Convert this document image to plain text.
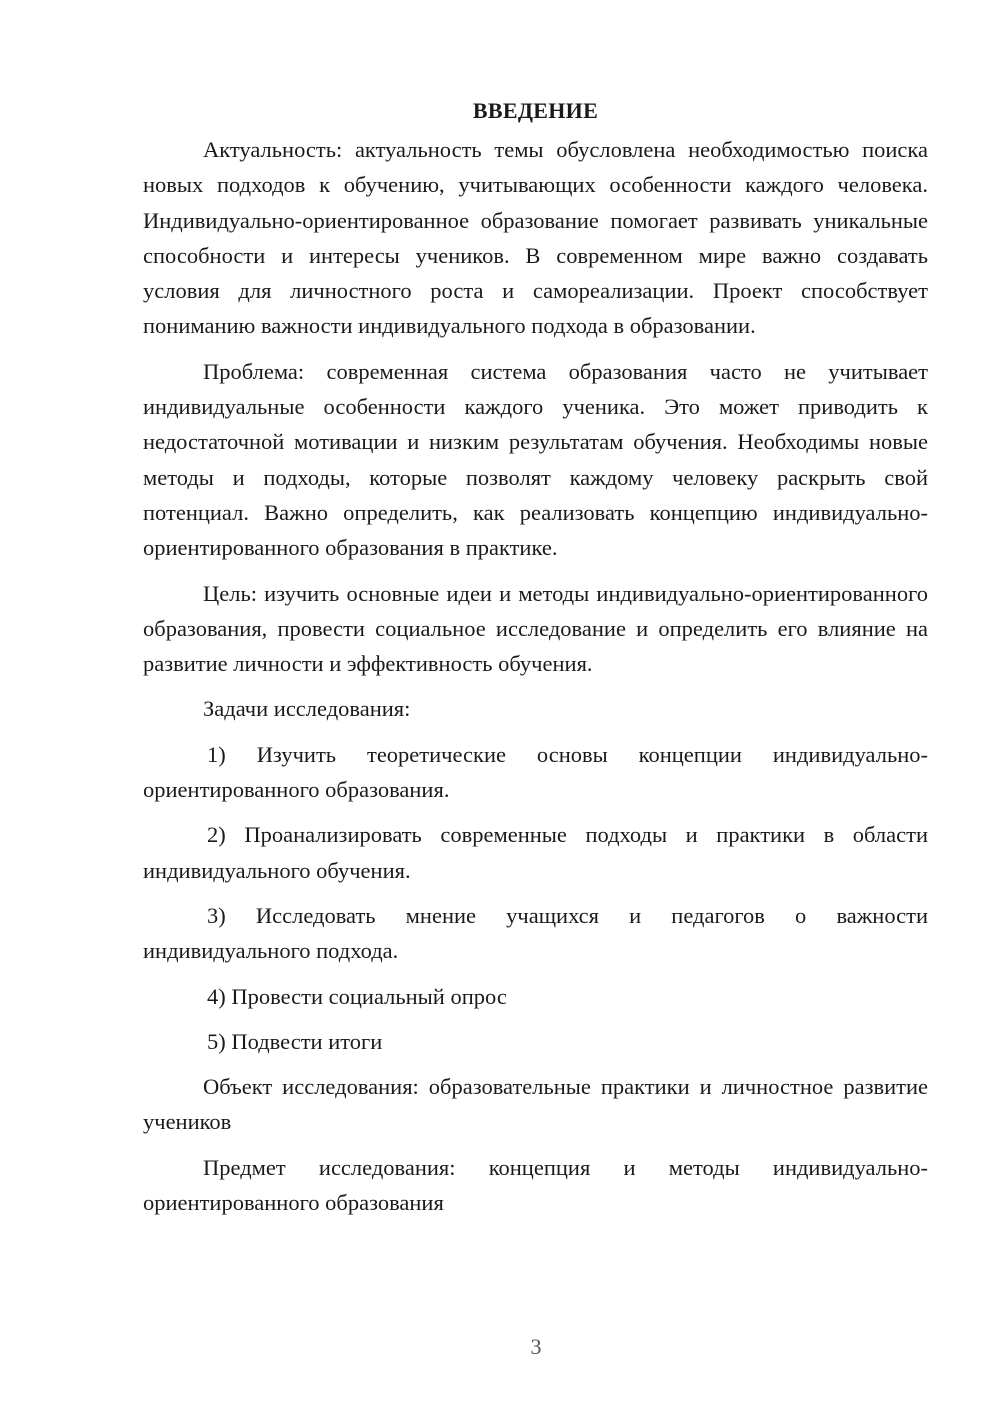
ВВЕДЕНИЕ

Актуальность: актуальность темы обусловлена необходимостью поиска новых подходов к обучению, учитывающих особенности каждого человека. Индивидуально-ориентированное образование помогает развивать уникальные способности и интересы учеников. В современном мире важно создавать условия для личностного роста и самореализации. Проект способствует пониманию важности индивидуального подхода в образовании.

Проблема: современная система образования часто не учитывает индивидуальные особенности каждого ученика. Это может приводить к недостаточной мотивации и низким результатам обучения. Необходимы новые методы и подходы, которые позволят каждому человеку раскрыть свой потенциал. Важно определить, как реализовать концепцию индивидуально-ориентированного образования в практике.

Цель: изучить основные идеи и методы индивидуально-ориентированного образования, провести социальное исследование и определить его влияние на развитие личности и эффективность обучения.

Задачи исследования:

1) Изучить теоретические основы концепции индивидуально-ориентированного образования.

2) Проанализировать современные подходы и практики в области индивидуального обучения.

3) Исследовать мнение учащихся и педагогов о важности индивидуального подхода.

4) Провести социальный опрос

5) Подвести итоги

Объект исследования: образовательные практики и личностное развитие учеников

Предмет исследования: концепция и методы индивидуально-ориентированного образования

3
